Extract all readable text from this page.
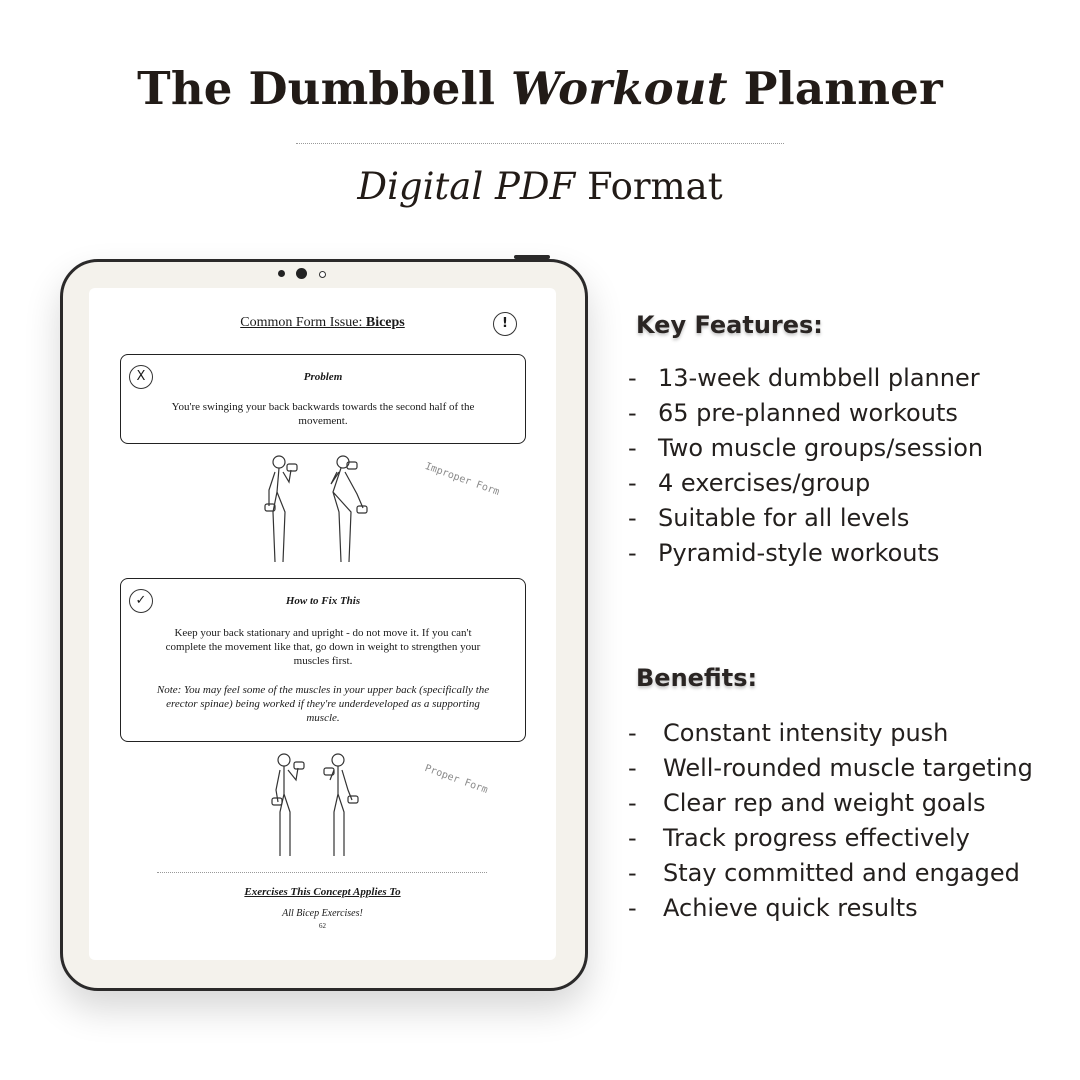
The Dumbbell Workout Planner
Digital PDF Format
Common Form Issue: Biceps	!
X	Problem
You're swinging your back backwards towards the second half of the movement.
Improper Form
✓	How to Fix This
Keep your back stationary and upright - do not move it. If you can't complete the movement like that, go down in weight to strengthen your muscles first.
Note: You may feel some of the muscles in your upper back (specifically the erector spinae) being worked if they're underdeveloped as a supporting muscle.
Proper Form
Exercises This Concept Applies To
All Bicep Exercises!
62
Key Features:
- 13-week dumbbell planner
- 65 pre-planned workouts
- Two muscle groups/session
- 4 exercises/group
- Suitable for all levels
- Pyramid-style workouts
Benefits:
- Constant intensity push
- Well-rounded muscle targeting
- Clear rep and weight goals
- Track progress effectively
- Stay committed and engaged
- Achieve quick results
